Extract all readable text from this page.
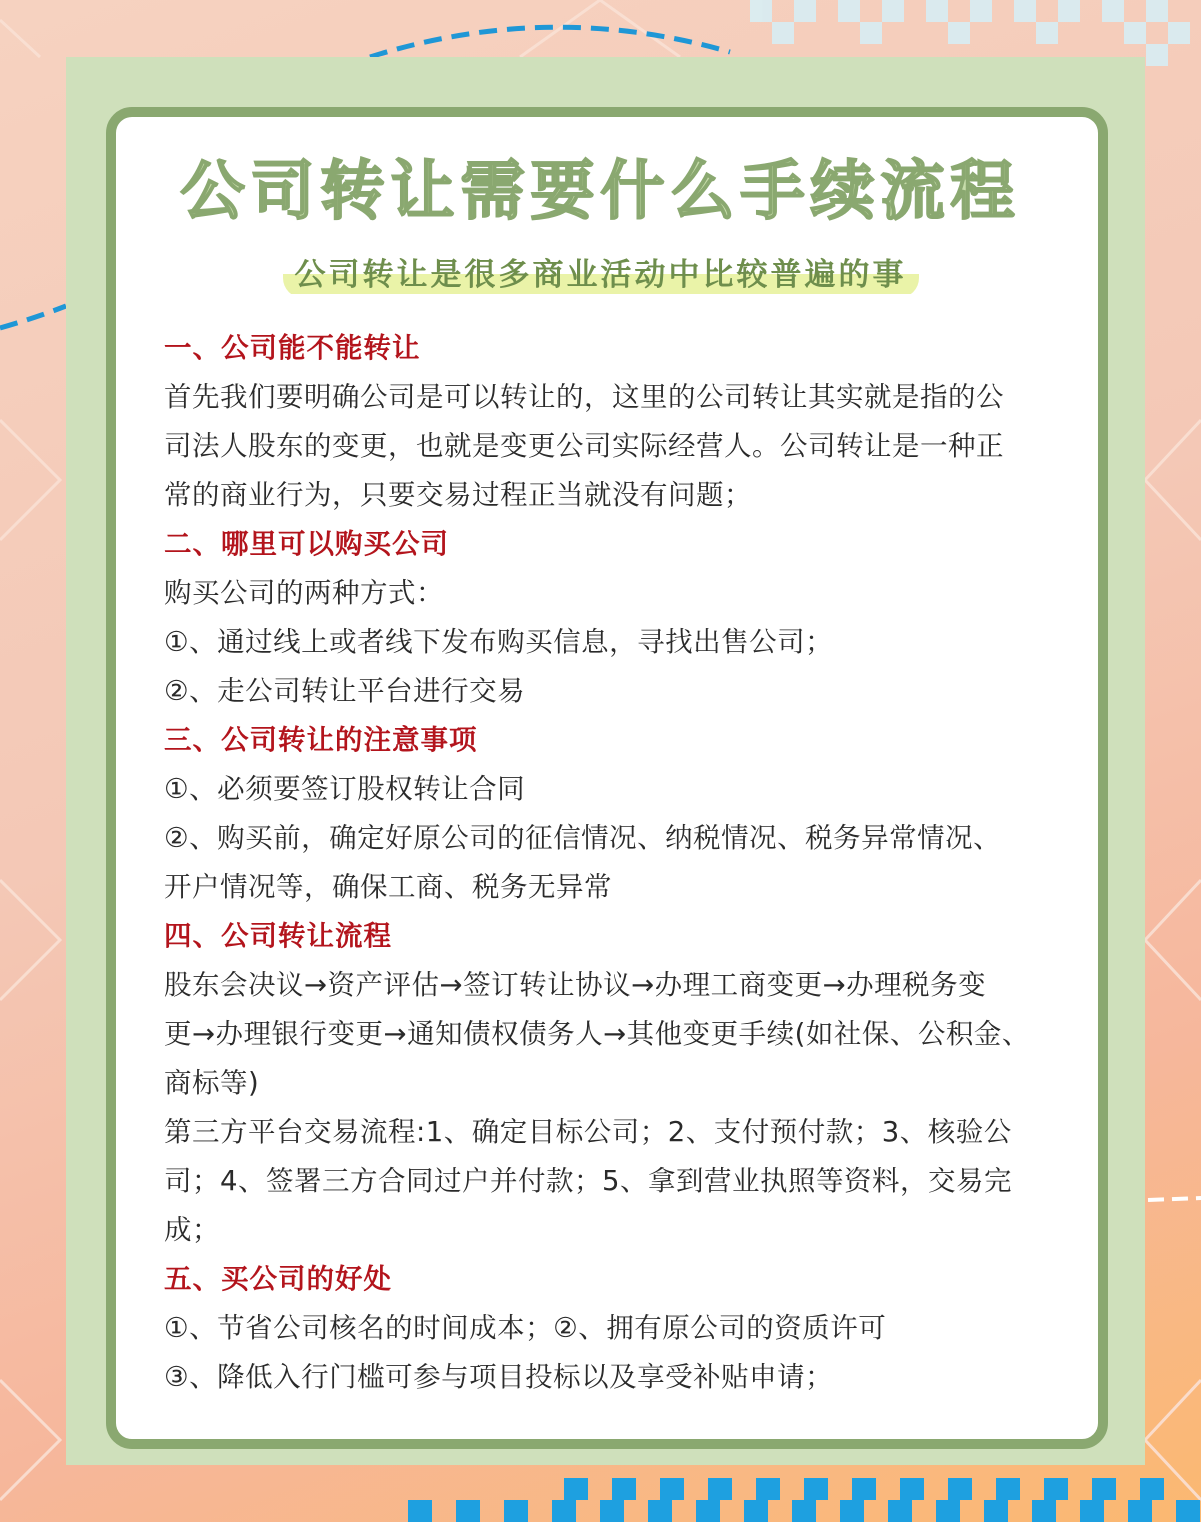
公司转让需要什么手续流程
公司转让是很多商业活动中比较普遍的事

一、公司能不能转让

首先我们要明确公司是可以转让的，这里的公司转让其实就是指的公

司法人股东的变更，也就是变更公司实际经营人。公司转让是一种正

常的商业行为，只要交易过程正当就没有问题；

二、哪里可以购买公司

购买公司的两种方式：

①、通过线上或者线下发布购买信息，寻找出售公司；

②、走公司转让平台进行交易

三、公司转让的注意事项

①、必须要签订股权转让合同

②、购买前，确定好原公司的征信情况、纳税情况、税务异常情况、

开户情况等，确保工商、税务无异常

四、公司转让流程

股东会决议→资产评估→签订转让协议→办理工商变更→办理税务变

更→办理银行变更→通知债权债务人→其他变更手续(如社保、公积金、

商标等)

第三方平台交易流程:1、确定目标公司；2、支付预付款；3、核验公

司；4、签署三方合同过户并付款；5、拿到营业执照等资料，交易完

成；

五、买公司的好处

①、节省公司核名的时间成本；②、拥有原公司的资质许可

③、降低入行门槛可参与项目投标以及享受补贴申请；
